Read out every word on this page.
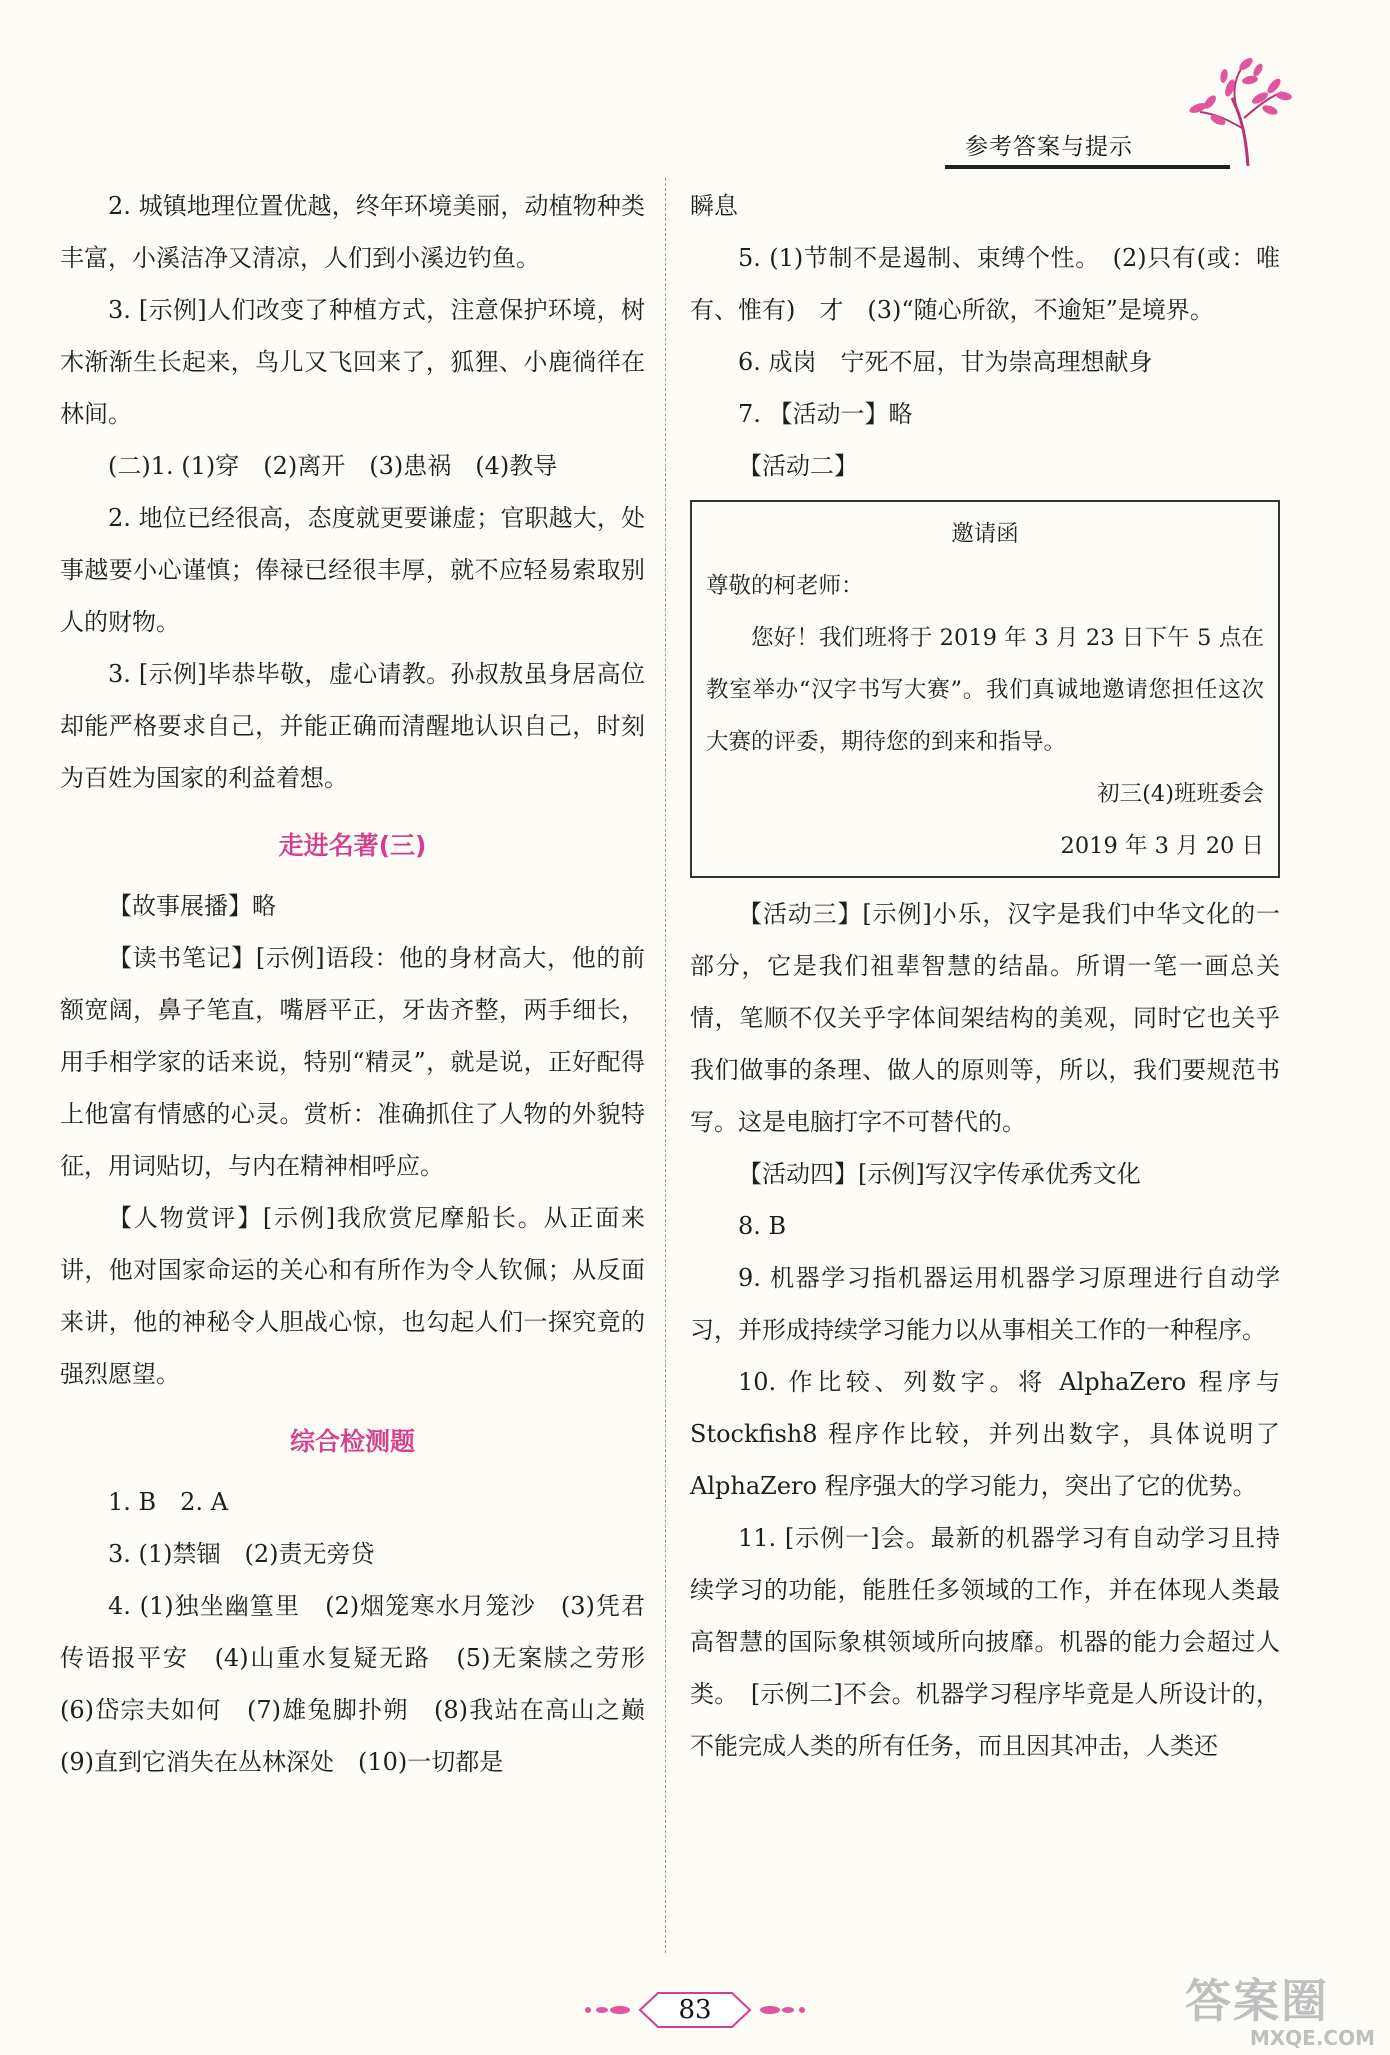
参考答案与提示

2. 城镇地理位置优越，终年环境美丽，动植物种类丰富，小溪洁净又清凉，人们到小溪边钓鱼。

3. [示例]人们改变了种植方式，注意保护环境，树木渐渐生长起来，鸟儿又飞回来了，狐狸、小鹿徜徉在林间。

(二)1. (1)穿　(2)离开　(3)患祸　(4)教导

2. 地位已经很高，态度就更要谦虚；官职越大，处事越要小心谨慎；俸禄已经很丰厚，就不应轻易索取别人的财物。

3. [示例]毕恭毕敬，虚心请教。孙叔敖虽身居高位却能严格要求自己，并能正确而清醒地认识自己，时刻为百姓为国家的利益着想。

走进名著(三)

【故事展播】略

【读书笔记】[示例]语段：他的身材高大，他的前额宽阔，鼻子笔直，嘴唇平正，牙齿齐整，两手细长，用手相学家的话来说，特别“精灵”，就是说，正好配得上他富有情感的心灵。赏析：准确抓住了人物的外貌特征，用词贴切，与内在精神相呼应。

【人物赏评】[示例]我欣赏尼摩船长。从正面来讲，他对国家命运的关心和有所作为令人钦佩；从反面来讲，他的神秘令人胆战心惊，也勾起人们一探究竟的强烈愿望。

综合检测题

1. B　2. A

3. (1)禁锢　(2)责无旁贷

4. (1)独坐幽篁里　(2)烟笼寒水月笼沙　(3)凭君传语报平安　(4)山重水复疑无路　(5)无案牍之劳形　(6)岱宗夫如何　(7)雄兔脚扑朔　(8)我站在高山之巅　(9)直到它消失在丛林深处　(10)一切都是

瞬息

5. (1)节制不是遏制、束缚个性。　(2)只有(或：唯有、惟有)　才　(3)“随心所欲，不逾矩”是境界。

6. 成岗　宁死不屈，甘为崇高理想献身

7. 【活动一】略

【活动二】

邀请函

尊敬的柯老师：

您好！我们班将于 2019 年 3 月 23 日下午 5 点在教室举办“汉字书写大赛”。我们真诚地邀请您担任这次大赛的评委，期待您的到来和指导。

初三(4)班班委会

2019 年 3 月 20 日

【活动三】[示例]小乐，汉字是我们中华文化的一部分，它是我们祖辈智慧的结晶。所谓一笔一画总关情，笔顺不仅关乎字体间架结构的美观，同时它也关乎我们做事的条理、做人的原则等，所以，我们要规范书写。这是电脑打字不可替代的。

【活动四】[示例]写汉字传承优秀文化

8. B

9. 机器学习指机器运用机器学习原理进行自动学习，并形成持续学习能力以从事相关工作的一种程序。

10. 作比较、列数字。将 AlphaZero 程序与 Stockfish8 程序作比较，并列出数字，具体说明了 AlphaZero 程序强大的学习能力，突出了它的优势。

11. [示例一]会。最新的机器学习有自动学习且持续学习的功能，能胜任多领域的工作，并在体现人类最高智慧的国际象棋领域所向披靡。机器的能力会超过人类。　[示例二]不会。机器学习程序毕竟是人所设计的，不能完成人类的所有任务，而且因其冲击，人类还

83	答案圈
MXQE.COM
